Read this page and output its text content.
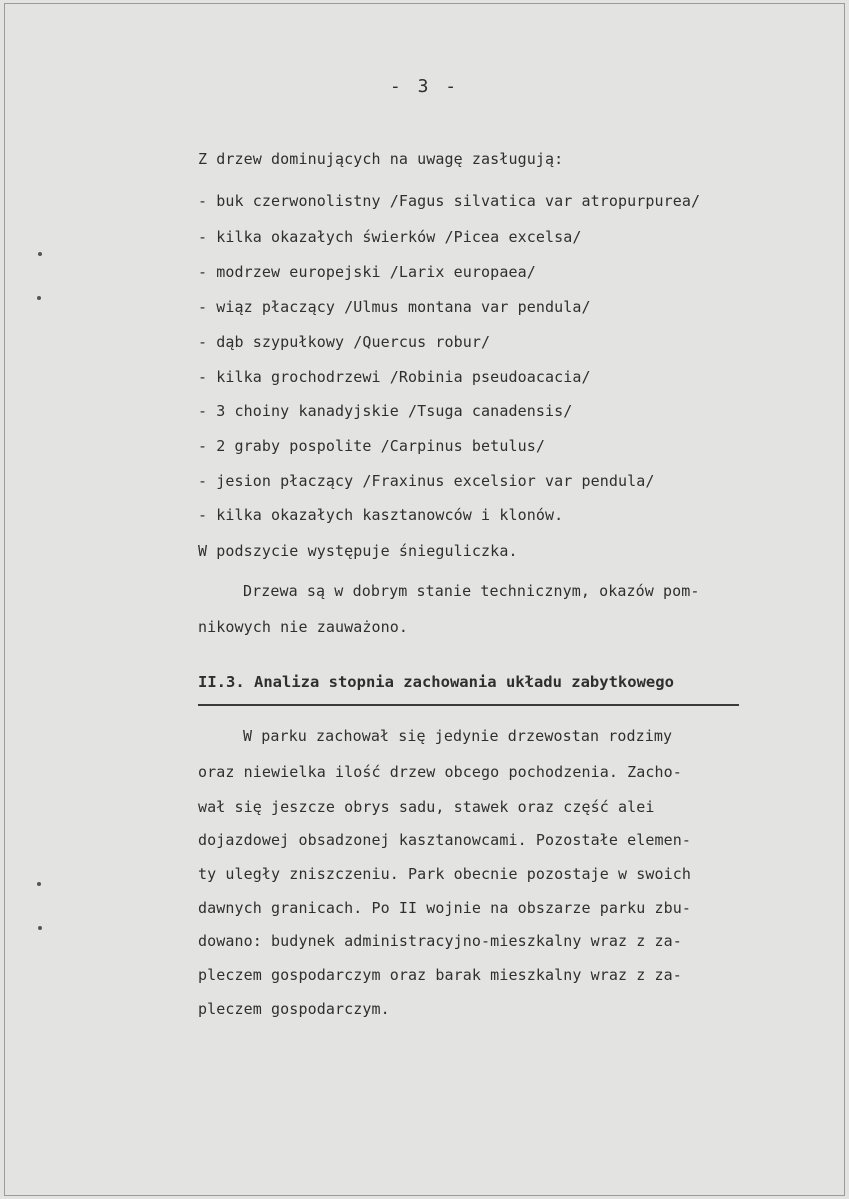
- 3 -
Z drzew dominujących na uwagę zasługują:
- buk czerwonolistny /Fagus silvatica var atropurpurea/
- kilka okazałych świerków /Picea excelsa/
- modrzew europejski /Larix europaea/
- wiąz płaczący /Ulmus montana var pendula/
- dąb szypułkowy /Quercus robur/
- kilka grochodrzewi /Robinia pseudoacacia/
- 3 choiny kanadyjskie /Tsuga canadensis/
- 2 graby pospolite /Carpinus betulus/
- jesion płaczący /Fraxinus excelsior var pendula/
- kilka okazałych kasztanowców i klonów.
W podszycie występuje śnieguliczka.
Drzewa są w dobrym stanie technicznym, okazów pom-
nikowych nie zauważono.
II.3. Analiza stopnia zachowania układu zabytkowego
W parku zachował się jedynie drzewostan rodzimy
oraz niewielka ilość drzew obcego pochodzenia. Zacho-
wał się jeszcze obrys sadu, stawek oraz część alei
dojazdowej obsadzonej kasztanowcami. Pozostałe elemen-
ty uległy zniszczeniu. Park obecnie pozostaje w swoich
dawnych granicach. Po II wojnie na obszarze parku zbu-
dowano: budynek administracyjno-mieszkalny wraz z za-
pleczem gospodarczym oraz barak mieszkalny wraz z za-
pleczem gospodarczym.
